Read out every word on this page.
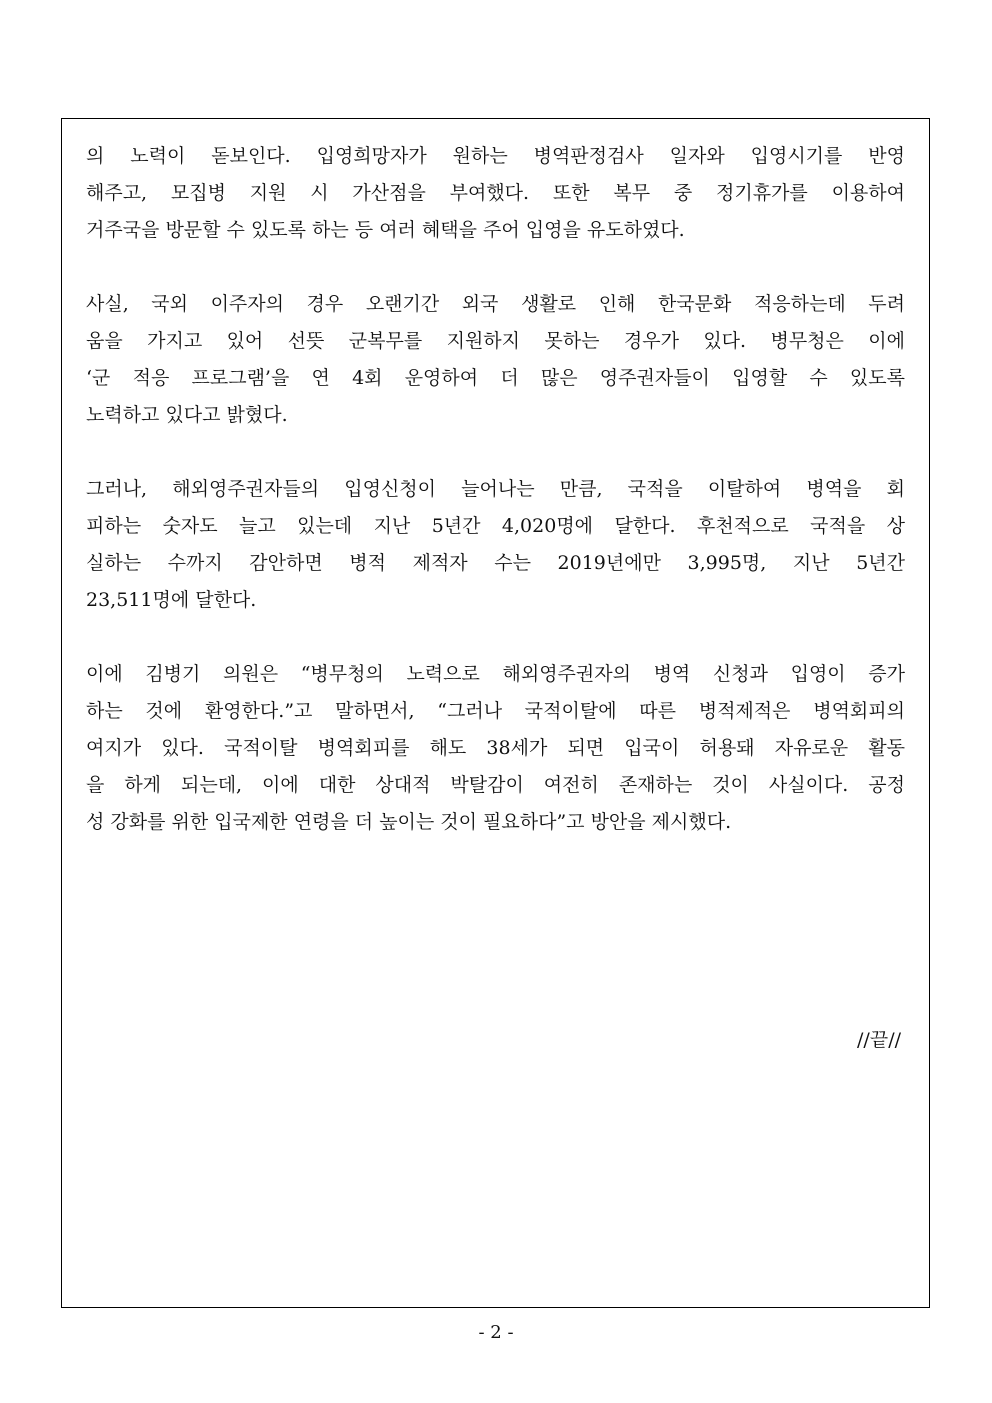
의 노력이 돋보인다. 입영희망자가 원하는 병역판정검사 일자와 입영시기를 반영
해주고, 모집병 지원 시 가산점을 부여했다. 또한 복무 중 정기휴가를 이용하여
거주국을 방문할 수 있도록 하는 등 여러 혜택을 주어 입영을 유도하였다.
사실, 국외 이주자의 경우 오랜기간 외국 생활로 인해 한국문화 적응하는데 두려
움을 가지고 있어 선뜻 군복무를 지원하지 못하는 경우가 있다. 병무청은 이에
‘군 적응 프로그램’을 연 4회 운영하여 더 많은 영주권자들이 입영할 수 있도록
노력하고 있다고 밝혔다.
그러나, 해외영주권자들의 입영신청이 늘어나는 만큼, 국적을 이탈하여 병역을 회
피하는 숫자도 늘고 있는데 지난 5년간 4,020명에 달한다. 후천적으로 국적을 상
실하는 수까지 감안하면 병적 제적자 수는 2019년에만 3,995명, 지난 5년간
23,511명에 달한다.
이에 김병기 의원은 “병무청의 노력으로 해외영주권자의 병역 신청과 입영이 증가
하는 것에 환영한다.”고 말하면서, “그러나 국적이탈에 따른 병적제적은 병역회피의
여지가 있다. 국적이탈 병역회피를 해도 38세가 되면 입국이 허용돼 자유로운 활동
을 하게 되는데, 이에 대한 상대적 박탈감이 여전히 존재하는 것이 사실이다. 공정
성 강화를 위한 입국제한 연령을 더 높이는 것이 필요하다”고 방안을 제시했다.
//끝//
- 2 -
